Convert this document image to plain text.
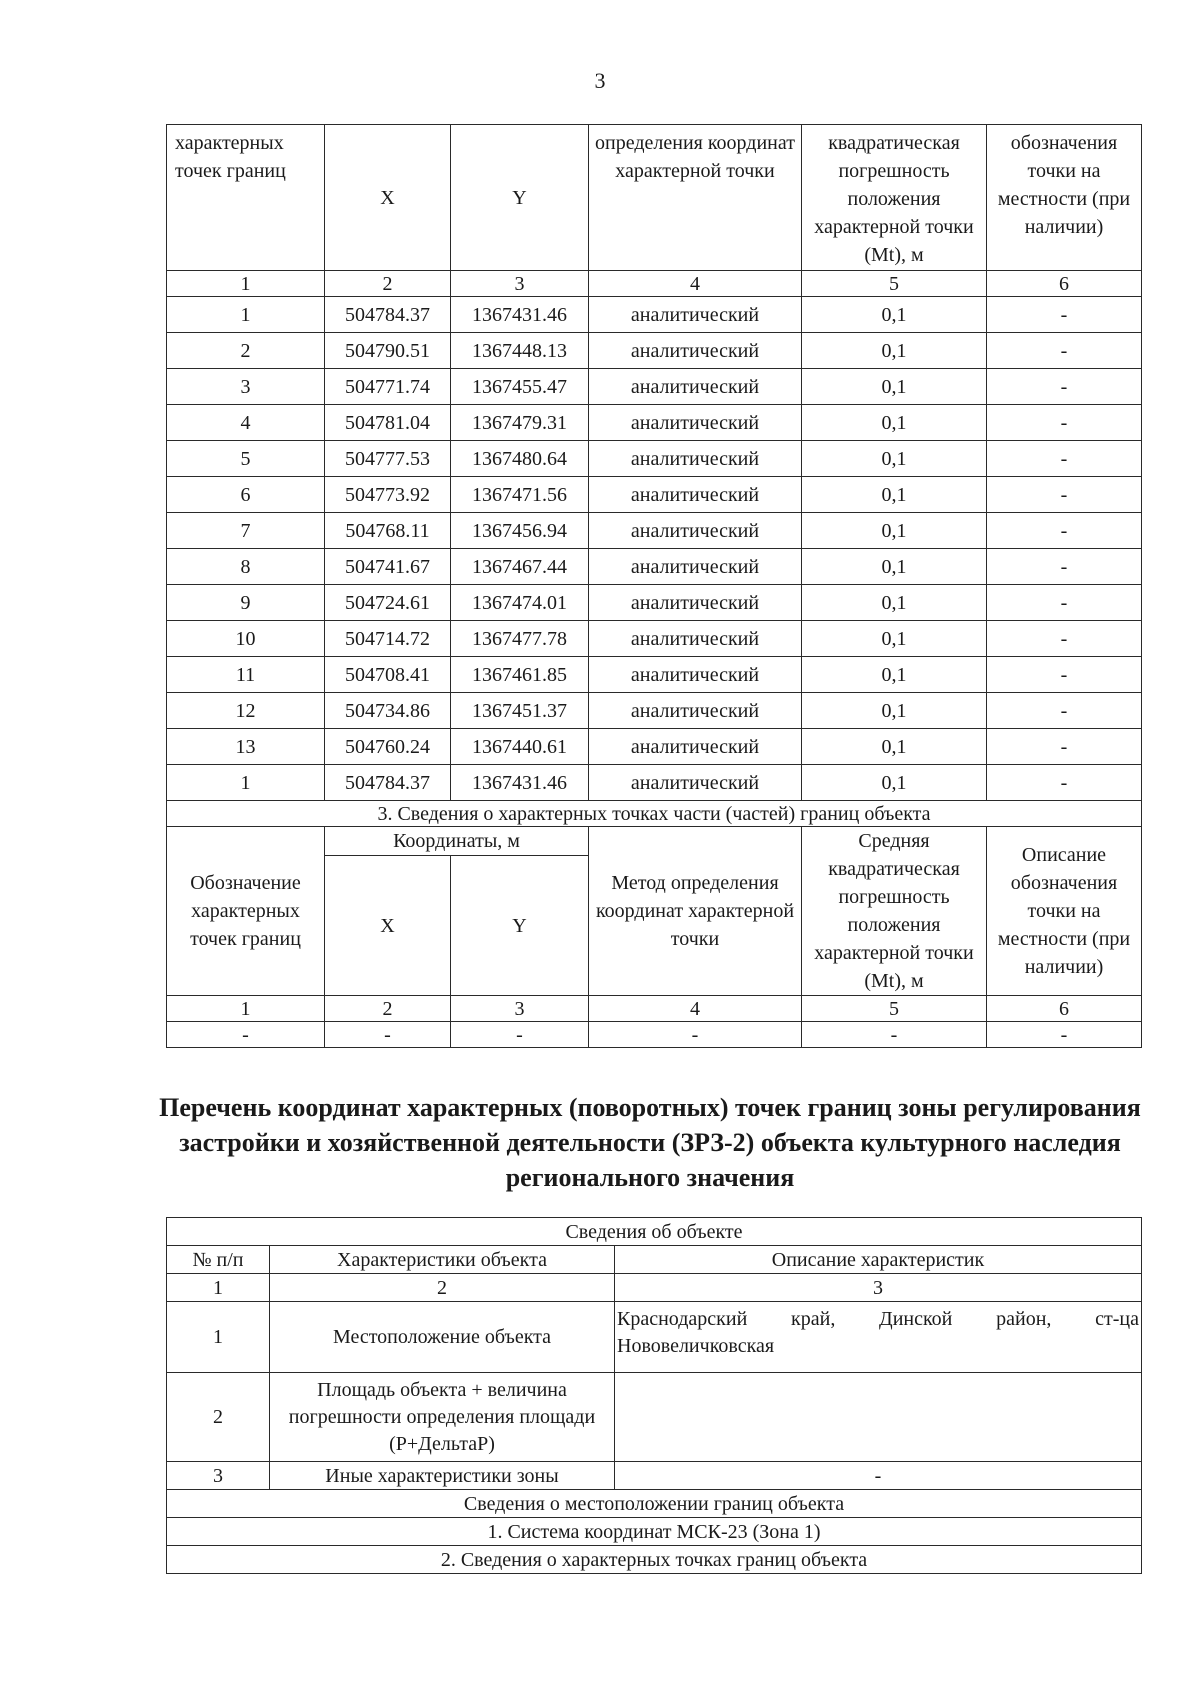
3
характерных точек границ	X	Y	определения координат характерной точки	квадратическая погрешность положения характерной точки (Mt), м	обозначения точки на местности (при наличии)
1	2	3	4	5	6
1	504784.37	1367431.46	аналитический	0,1	-
2	504790.51	1367448.13	аналитический	0,1	-
3	504771.74	1367455.47	аналитический	0,1	-
4	504781.04	1367479.31	аналитический	0,1	-
5	504777.53	1367480.64	аналитический	0,1	-
6	504773.92	1367471.56	аналитический	0,1	-
7	504768.11	1367456.94	аналитический	0,1	-
8	504741.67	1367467.44	аналитический	0,1	-
9	504724.61	1367474.01	аналитический	0,1	-
10	504714.72	1367477.78	аналитический	0,1	-
11	504708.41	1367461.85	аналитический	0,1	-
12	504734.86	1367451.37	аналитический	0,1	-
13	504760.24	1367440.61	аналитический	0,1	-
1	504784.37	1367431.46	аналитический	0,1	-
3. Сведения о характерных точках части (частей) границ объекта					
Обозначение характерных точек границ	Координаты, м		Метод определения координат характерной точки	Средняя квадратическая погрешность положения характерной точки (Mt), м	Описание обозначения точки на местности (при наличии)
	X	Y			
1	2	3	4	5	6
-	-	-	-	-	-
Перечень координат характерных (поворотных) точек границ зоны регулирования застройки и хозяйственной деятельности (ЗРЗ-2) объекта культурного наследия регионального значения
Сведения об объекте		
№ п/п	Характеристики объекта	Описание характеристик
1	2	3
1	Местоположение объекта	Краснодарский край, Динской район, ст-ца Нововеличковская
2	Площадь объекта + величина погрешности определения площади (Р+ДельтаР)	
3	Иные характеристики зоны	-
Сведения о местоположении границ объекта		
1. Система координат МСК-23 (Зона 1)		
2. Сведения о характерных точках границ объекта		
